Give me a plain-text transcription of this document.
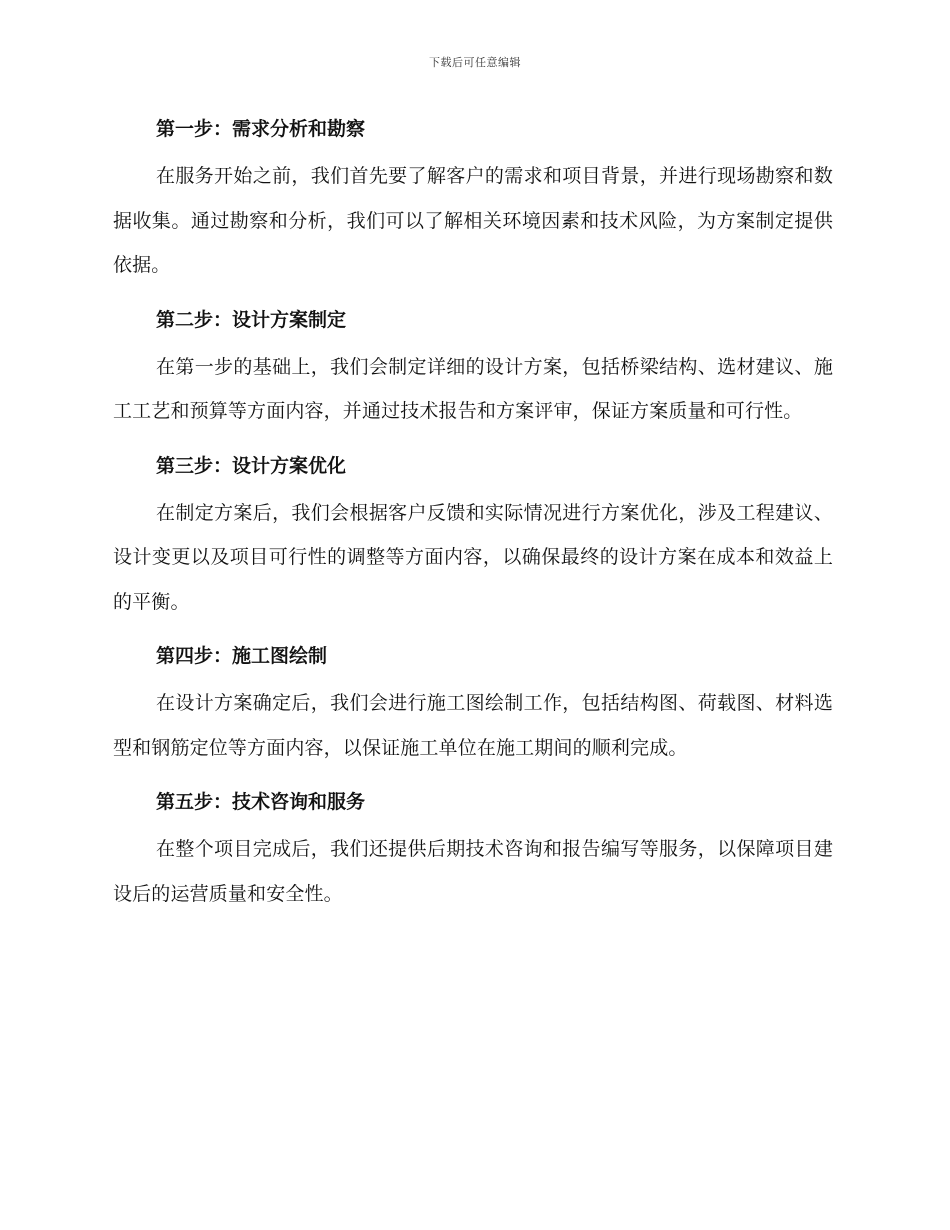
下载后可任意编辑
第一步：需求分析和勘察

在服务开始之前，我们首先要了解客户的需求和项目背景，并进行现场勘察和数据收集。通过勘察和分析，我们可以了解相关环境因素和技术风险，为方案制定提供依据。

第二步：设计方案制定

在第一步的基础上，我们会制定详细的设计方案，包括桥梁结构、选材建议、施工工艺和预算等方面内容，并通过技术报告和方案评审，保证方案质量和可行性。

第三步：设计方案优化

在制定方案后，我们会根据客户反馈和实际情况进行方案优化，涉及工程建议、设计变更以及项目可行性的调整等方面内容，以确保最终的设计方案在成本和效益上的平衡。

第四步：施工图绘制

在设计方案确定后，我们会进行施工图绘制工作，包括结构图、荷载图、材料选型和钢筋定位等方面内容，以保证施工单位在施工期间的顺利完成。

第五步：技术咨询和服务

在整个项目完成后，我们还提供后期技术咨询和报告编写等服务，以保障项目建设后的运营质量和安全性。
